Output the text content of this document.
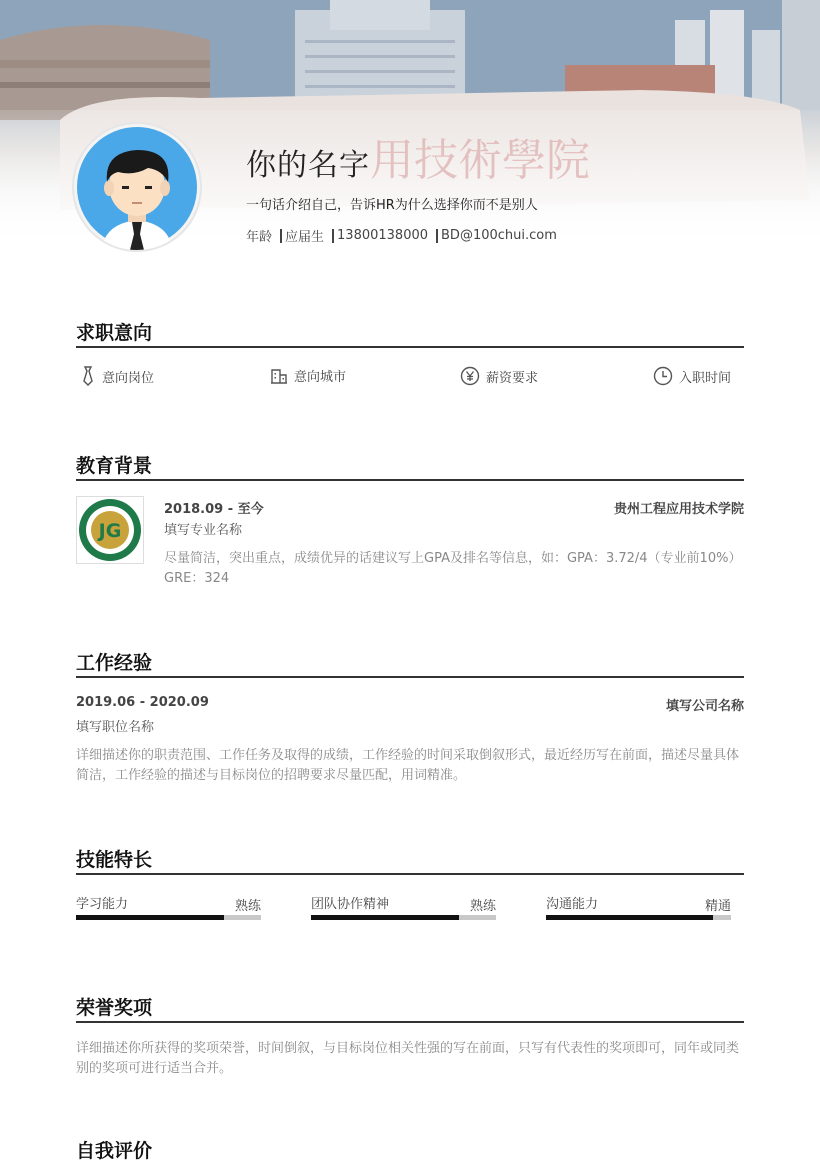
用技術學院
你的名字
一句话介绍自己，告诉HR为什么选择你而不是别人
年龄 应届生 13800138000 BD@100chui.com
求职意向
意向岗位	意向城市	薪资要求	入职时间
教育背景
JG
2018.09 - 至今	贵州工程应用技术学院
填写专业名称
尽量简洁，突出重点，成绩优异的话建议写上GPA及排名等信息，如：GPA：3.72/4（专业前10%） GRE：324
工作经验
2019.06 - 2020.09	填写公司名称
填写职位名称
详细描述你的职责范围、工作任务及取得的成绩，工作经验的时间采取倒叙形式，最近经历写在前面，描述尽量具体简洁，工作经验的描述与目标岗位的招聘要求尽量匹配，用词精准。
技能特长
学习能力	熟练	团队协作精神	熟练	沟通能力	精通
荣誉奖项
详细描述你所获得的奖项荣誉，时间倒叙，与目标岗位相关性强的写在前面，只写有代表性的奖项即可，同年或同类别的奖项可进行适当合并。
自我评价
